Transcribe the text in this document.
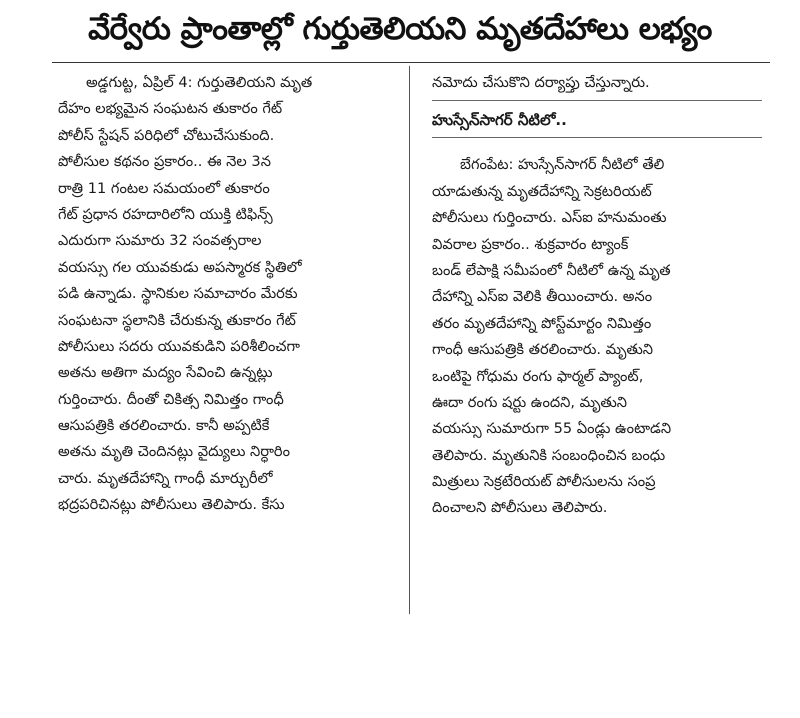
వేర్వేరు ప్రాంతాల్లో గుర్తుతెలియని మృతదేహాలు లభ్యం
అడ్డగుట్ట, ఏప్రిల్ 4: గుర్తుతెలియని మృత
దేహం లభ్యమైన సంఘటన తుకారం గేట్
పోలీస్ స్టేషన్ పరిధిలో చోటుచేసుకుంది.
పోలీసుల కథనం ప్రకారం.. ఈ నెల 3న
రాత్రి 11 గంటల సమయంలో తుకారం
గేట్ ప్రధాన రహదారిలోని యుక్తి టిఫిన్స్
ఎదురుగా సుమారు 32 సంవత్సరాల
వయస్సు గల యువకుడు అపస్మారక స్థితిలో
పడి ఉన్నాడు. స్థానికుల సమాచారం మేరకు
సంఘటనా స్థలానికి చేరుకున్న తుకారం గేట్
పోలీసులు సదరు యువకుడిని పరిశీలించగా
అతను అతిగా మద్యం సేవించి ఉన్నట్లు
గుర్తించారు. దీంతో చికిత్స నిమిత్తం గాంధీ
ఆసుపత్రికి తరలించారు. కానీ అప్పటికే
అతను మృతి చెందినట్లు వైద్యులు నిర్ధారిం
చారు. మృతదేహాన్ని గాంధీ మార్చురీలో
భద్రపరిచినట్లు పోలీసులు తెలిపారు. కేసు
నమోదు చేసుకొని దర్యాప్తు చేస్తున్నారు.
హుస్సేన్‌సాగర్ నీటిలో..
బేగంపేట: హుస్సేన్‌సాగర్ నీటిలో తేలి
యాడుతున్న మృతదేహాన్ని సెక్రటరియట్
పోలీసులు గుర్తించారు. ఎస్ఐ హనుమంతు
వివరాల ప్రకారం.. శుక్రవారం ట్యాంక్
బండ్ లేపాక్షి సమీపంలో నీటిలో ఉన్న మృత
దేహాన్ని ఎస్ఐ వెలికి తీయించారు. అనం
తరం మృతదేహాన్ని పోస్ట్‌మార్టం నిమిత్తం
గాంధీ ఆసుపత్రికి తరలించారు. మృతుని
ఒంటిపై గోధుమ రంగు ఫార్మల్ ప్యాంట్,
ఊదా రంగు షర్టు ఉందని, మృతుని
వయస్సు సుమారుగా 55 ఏండ్లు ఉంటాడని
తెలిపారు. మృతునికి సంబంధించిన బంధు
మిత్రులు సెక్రటేరియట్ పోలీసులను సంప్ర
దించాలని పోలీసులు తెలిపారు.
